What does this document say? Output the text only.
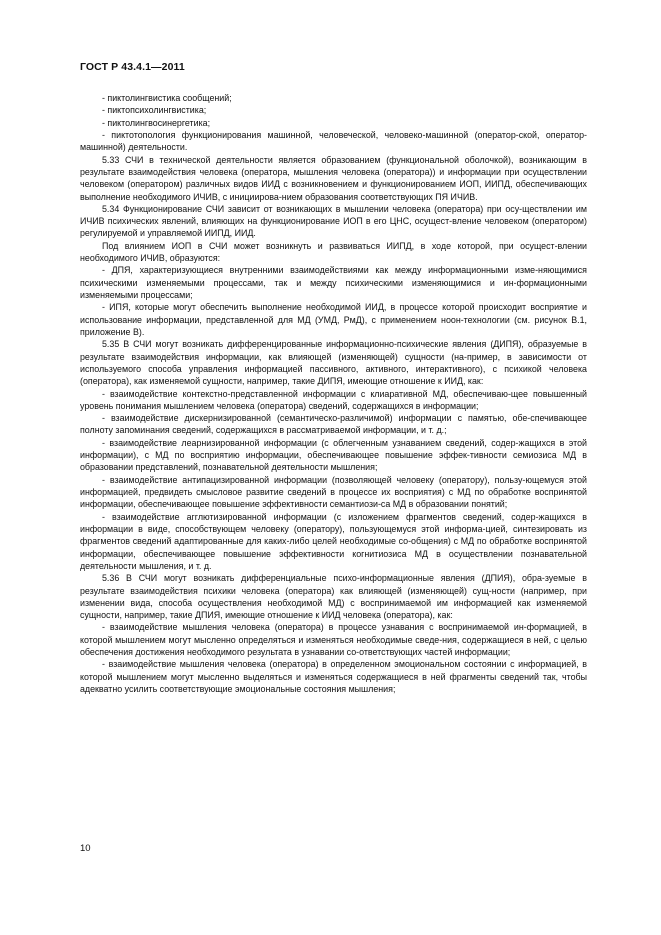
ГОСТ Р 43.4.1—2011

- пиктолингвистика сообщений;

- пиктопсихолингвистика;

- пиктолингвосинергетика;

- пиктотопология функционирования машинной, человеческой, человеко-машинной (оператор-ской, оператор-машинной) деятельности.

5.33 СЧИ в технической деятельности является образованием (функциональной оболочкой), возникающим в результате взаимодействия человека (оператора, мышления человека (оператора)) и информации при осуществлении человеком (оператором) различных видов ИИД с возникновением и функционированием ИОП, ИИПД, обеспечивающих выполнение необходимого ИЧИВ, с инициирова-нием образования соответствующих ПЯ ИЧИВ.

5.34 Функционирование СЧИ зависит от возникающих в мышлении человека (оператора) при осу-ществлении им ИЧИВ психических явлений, влияющих на функционирование ИОП в его ЦНС, осущест-вление человеком (оператором) регулируемой и управляемой ИИПД, ИИД.

Под влиянием ИОП в СЧИ может возникнуть и развиваться ИИПД, в ходе которой, при осущест-влении необходимого ИЧИВ, образуются:

- ДПЯ, характеризующиеся внутренними взаимодействиями как между информационными изме-няющимися психическими изменяемыми процессами, так и между психическими изменяющимися и ин-формационными изменяемыми процессами;

- ИПЯ, которые могут обеспечить выполнение необходимой ИИД, в процессе которой происходит восприятие и использование информации, представленной для МД (УМД, РмД), с применением ноон-технологии (см. рисунок В.1, приложение В).

5.35 В СЧИ могут возникать дифференцированные информационно-психические явления (ДИПЯ), образуемые в результате взаимодействия информации, как влияющей (изменяющей) сущности (на-пример, в зависимости от используемого способа управления информацией пассивного, активного, интерактивного), с психикой человека (оператора), как изменяемой сущности, например, такие ДИПЯ, имеющие отношение к ИИД, как:

- взаимодействие контекстно-представленной информации с клиаративной МД, обеспечиваю-щее повышенный уровень понимания мышлением человека (оператора) сведений, содержащихся в информации;

- взаимодействие дискернизированной (семантическо-различимой) информации с памятью, обе-спечивающее полноту запоминания сведений, содержащихся в рассматриваемой информации, и т. д.;

- взаимодействие леарнизированной информации (с облегченным узнаванием сведений, содер-жащихся в этой информации), с МД по восприятию информации, обеспечивающее повышение эффек-тивности семиозиса МД в образовании представлений, познавательной деятельности мышления;

- взаимодействие антипацизированной информации (позволяющей человеку (оператору), пользу-ющемуся этой информацией, предвидеть смысловое развитие сведений в процессе их восприятия) с МД по обработке воспринятой информации, обеспечивающее повышение эффективности семантиози-са МД в образовании понятий;

- взаимодействие агглютизированной информации (с изложением фрагментов сведений, содер-жащихся в информации в виде, способствующем человеку (оператору), пользующемуся этой информа-цией, синтезировать из фрагментов сведений адаптированные для каких-либо целей необходимые со-общения) с МД по обработке воспринятой информации, обеспечивающее повышение эффективности когнитиозиса МД в осуществлении познавательной деятельности мышления, и т. д.

5.36 В СЧИ могут возникать дифференциальные психо-информационные явления (ДПИЯ), обра-зуемые в результате взаимодействия психики человека (оператора) как влияющей (изменяющей) сущ-ности (например, при изменении вида, способа осуществления необходимой МД) с воспринимаемой им информацией как изменяемой сущности, например, такие ДПИЯ, имеющие отношение к ИИД человека (оператора), как:

- взаимодействие мышления человека (оператора) в процессе узнавания с воспринимаемой ин-формацией, в которой мышлением могут мысленно определяться и изменяться необходимые сведе-ния, содержащиеся в ней, с целью обеспечения достижения необходимого результата в узнавании со-ответствующих частей информации;

- взаимодействие мышления человека (оператора) в определенном эмоциональном состоянии с информацией, в которой мышлением могут мысленно выделяться и изменяться содержащиеся в ней фрагменты сведений так, чтобы адекватно усилить соответствующие эмоциональные состояния мышления;

10
